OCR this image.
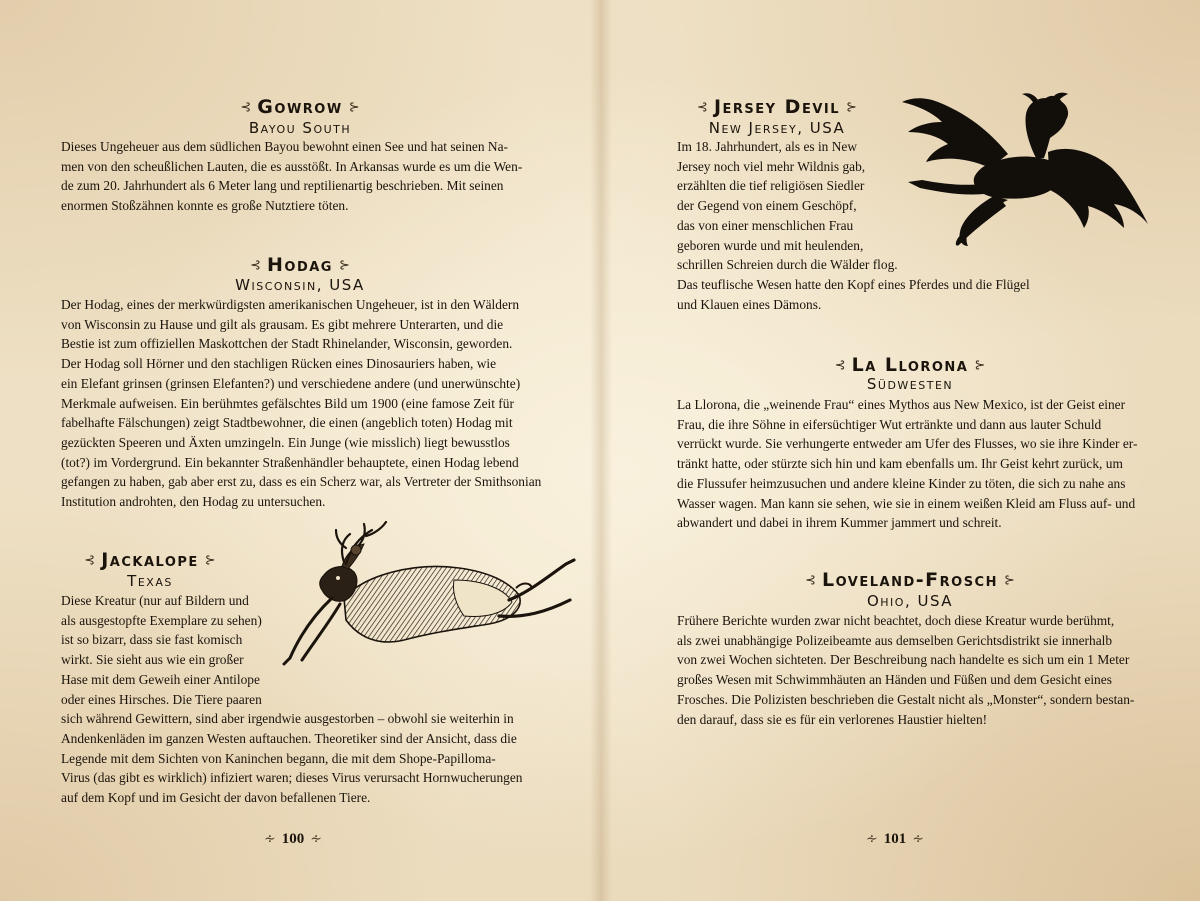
⊰ Gowrow ⊱
Bayou South
Dieses Ungeheuer aus dem südlichen Bayou bewohnt einen See und hat seinen Na-
men von den scheußlichen Lauten, die es ausstößt. In Arkansas wurde es um die Wen-
de zum 20. Jahrhundert als 6 Meter lang und reptilienartig beschrieben. Mit seinen
enormen Stoßzähnen konnte es große Nutztiere töten.
⊰ Hodag ⊱
Wisconsin, USA
Der Hodag, eines der merkwürdigsten amerikanischen Ungeheuer, ist in den Wäldern
von Wisconsin zu Hause und gilt als grausam. Es gibt mehrere Unterarten, und die
Bestie ist zum offiziellen Maskottchen der Stadt Rhinelander, Wisconsin, geworden.
Der Hodag soll Hörner und den stachligen Rücken eines Dinosauriers haben, wie
ein Elefant grinsen (grinsen Elefanten?) und verschiedene andere (und unerwünschte)
Merkmale aufweisen. Ein berühmtes gefälschtes Bild um 1900 (eine famose Zeit für
fabelhafte Fälschungen) zeigt Stadtbewohner, die einen (angeblich toten) Hodag mit
gezückten Speeren und Äxten umzingeln. Ein Junge (wie misslich) liegt bewusstlos
(tot?) im Vordergrund. Ein bekannter Straßenhändler behauptete, einen Hodag lebend
gefangen zu haben, gab aber erst zu, dass es ein Scherz war, als Vertreter der Smithsonian
Institution androhten, den Hodag zu untersuchen.
⊰ Jackalope ⊱
Texas
Diese Kreatur (nur auf Bildern und
als ausgestopfte Exemplare zu sehen)
ist so bizarr, dass sie fast komisch
wirkt. Sie sieht aus wie ein großer
Hase mit dem Geweih einer Antilope
oder eines Hirsches. Die Tiere paaren
sich während Gewittern, sind aber irgendwie ausgestorben – obwohl sie weiterhin in
Andenkenläden im ganzen Westen auftauchen. Theoretiker sind der Ansicht, dass die
Legende mit dem Sichten von Kaninchen begann, die mit dem Shope-Papilloma-
Virus (das gibt es wirklich) infiziert waren; dieses Virus verursacht Hornwucherungen
auf dem Kopf und im Gesicht der davon befallenen Tiere.
∻ 100 ∻
⊰ Jersey Devil ⊱
New Jersey, USA
Im 18. Jahrhundert, als es in New
Jersey noch viel mehr Wildnis gab,
erzählten die tief religiösen Siedler
der Gegend von einem Geschöpf,
das von einer menschlichen Frau
geboren wurde und mit heulenden,
schrillen Schreien durch die Wälder flog.
Das teuflische Wesen hatte den Kopf eines Pferdes und die Flügel
und Klauen eines Dämons.
⊰ La Llorona ⊱
Südwesten
La Llorona, die „weinende Frau“ eines Mythos aus New Mexico, ist der Geist einer
Frau, die ihre Söhne in eifersüchtiger Wut ertränkte und dann aus lauter Schuld
verrückt wurde. Sie verhungerte entweder am Ufer des Flusses, wo sie ihre Kinder er-
tränkt hatte, oder stürzte sich hin und kam ebenfalls um. Ihr Geist kehrt zurück, um
die Flussufer heimzusuchen und andere kleine Kinder zu töten, die sich zu nahe ans
Wasser wagen. Man kann sie sehen, wie sie in einem weißen Kleid am Fluss auf- und
abwandert und dabei in ihrem Kummer jammert und schreit.
⊰ Loveland-Frosch ⊱
Ohio, USA
Frühere Berichte wurden zwar nicht beachtet, doch diese Kreatur wurde berühmt,
als zwei unabhängige Polizeibeamte aus demselben Gerichtsdistrikt sie innerhalb
von zwei Wochen sichteten. Der Beschreibung nach handelte es sich um ein 1 Meter
großes Wesen mit Schwimmhäuten an Händen und Füßen und dem Gesicht eines
Frosches. Die Polizisten beschrieben die Gestalt nicht als „Monster“, sondern bestan-
den darauf, dass sie es für ein verlorenes Haustier hielten!
∻ 101 ∻
